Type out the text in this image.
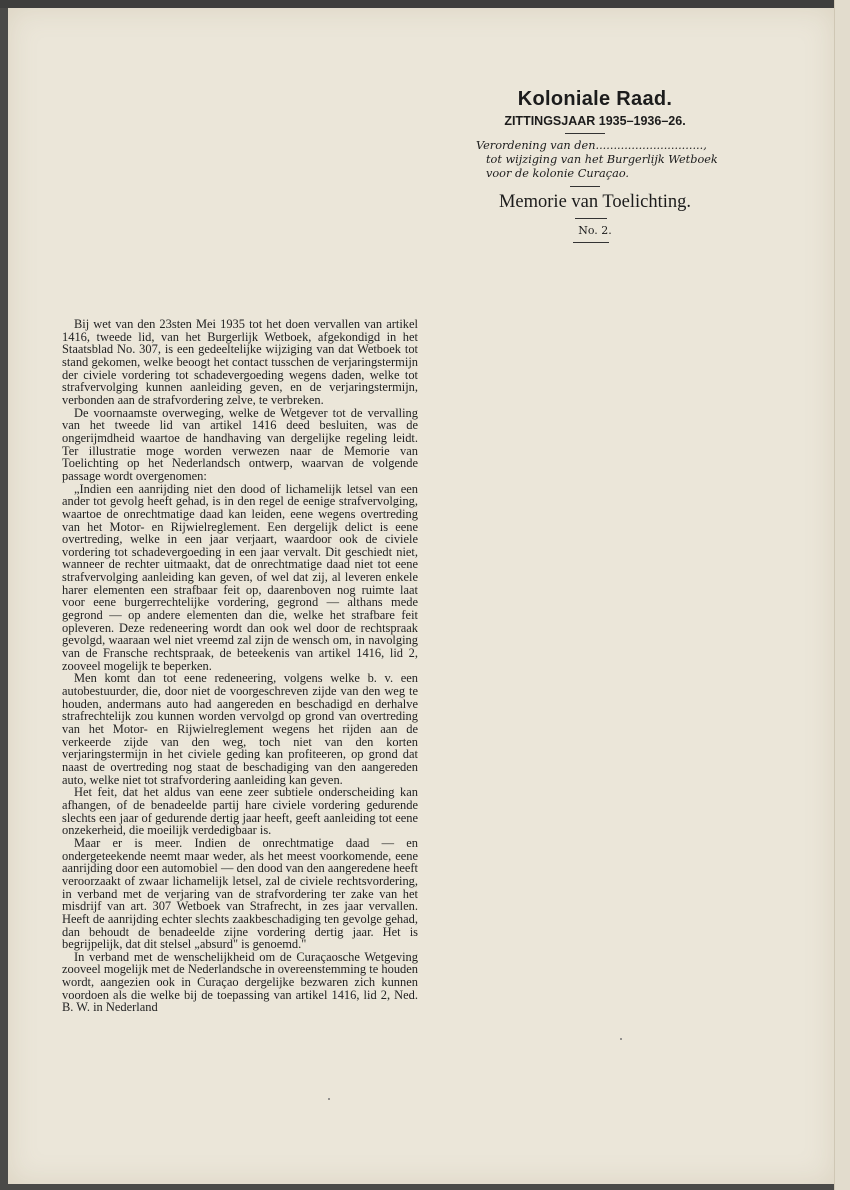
Koloniale Raad.
ZITTINGSJAAR 1935–1936–26.
Verordening van den..............................,
tot wijziging van het Burgerlijk Wetboek
voor de kolonie Curaçao.
Memorie van Toelichting.
No. 2.

Bij wet van den 23sten Mei 1935 tot het doen vervallen van artikel 1416, tweede lid, van het Burgerlijk Wetboek, afgekondigd in het Staatsblad No. 307, is een gedeeltelijke wijziging van dat Wetboek tot stand gekomen, welke beoogt het contact tusschen de verjaringstermijn der civiele vordering tot schadevergoeding wegens daden, welke tot strafvervolging kunnen aanleiding geven, en de verjaringstermijn, verbonden aan de strafvordering zelve, te verbreken.

De voornaamste overweging, welke de Wetgever tot de vervalling van het tweede lid van artikel 1416 deed besluiten, was de ongerijmdheid waartoe de handhaving van dergelijke regeling leidt. Ter illustratie moge worden verwezen naar de Memorie van Toelichting op het Nederlandsch ontwerp, waarvan de volgende passage wordt overgenomen:

„Indien een aanrijding niet den dood of lichamelijk letsel van een ander tot gevolg heeft gehad, is in den regel de eenige strafvervolging, waartoe de onrechtmatige daad kan leiden, eene wegens overtreding van het Motor- en Rijwielreglement. Een dergelijk delict is eene overtreding, welke in een jaar verjaart, waardoor ook de civiele vordering tot schadevergoeding in een jaar vervalt. Dit geschiedt niet, wanneer de rechter uitmaakt, dat de onrechtmatige daad niet tot eene strafvervolging aanleiding kan geven, of wel dat zij, al leveren enkele harer elementen een strafbaar feit op, daarenboven nog ruimte laat voor eene burgerrechtelijke vordering, gegrond — althans mede gegrond — op andere elementen dan die, welke het strafbare feit opleveren. Deze redeneering wordt dan ook wel door de rechtspraak gevolgd, waaraan wel niet vreemd zal zijn de wensch om, in navolging van de Fransche rechtspraak, de beteekenis van artikel 1416, lid 2, zooveel mogelijk te beperken.

Men komt dan tot eene redeneering, volgens welke b. v. een autobestuurder, die, door niet de voorgeschreven zijde van den weg te houden, andermans auto had aangereden en beschadigd en derhalve strafrechtelijk zou kunnen worden vervolgd op grond van overtreding van het Motor- en Rijwielreglement wegens het rijden aan de verkeerde zijde van den weg, toch niet van den korten verjaringstermijn in het civiele geding kan profiteeren, op grond dat naast de overtreding nog staat de beschadiging van den aangereden auto, welke niet tot strafvordering aanleiding kan geven.

Het feit, dat het aldus van eene zeer subtiele onderscheiding kan afhangen, of de benadeelde partij hare civiele vordering gedurende slechts een jaar of gedurende dertig jaar heeft, geeft aanleiding tot eene onzekerheid, die moeilijk verdedigbaar is.

Maar er is meer. Indien de onrechtmatige daad — en ondergeteekende neemt maar weder, als het meest voorkomende, eene aanrijding door een automobiel — den dood van den aangeredene heeft veroorzaakt of zwaar lichamelijk letsel, zal de civiele rechtsvordering, in verband met de verjaring van de strafvordering ter zake van het misdrijf van art. 307 Wetboek van Strafrecht, in zes jaar vervallen. Heeft de aanrijding echter slechts zaakbeschadiging ten gevolge gehad, dan behoudt de benadeelde zijne vordering dertig jaar. Het is begrijpelijk, dat dit stelsel „absurd" is genoemd."

In verband met de wenschelijkheid om de Curaçaosche Wetgeving zooveel mogelijk met de Nederlandsche in overeenstemming te houden wordt, aangezien ook in Curaçao dergelijke bezwaren zich kunnen voordoen als die welke bij de toepassing van artikel 1416, lid 2, Ned. B. W. in Nederland
